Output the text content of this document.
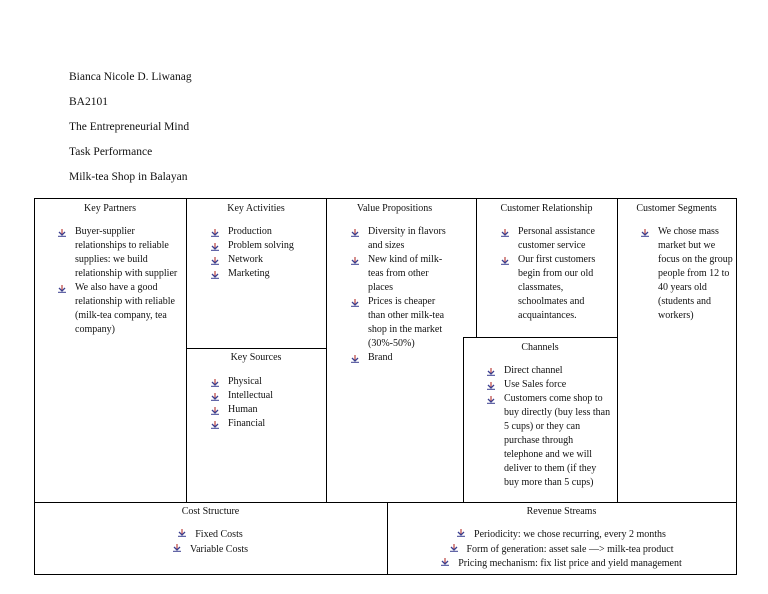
Bianca Nicole D. Liwanag
BA2101
The Entrepreneurial Mind
Task Performance
Milk-tea Shop in Balayan
Key Partners
Buyer-supplier relationships to reliable supplies: we build relationship with supplier
We also have a good relationship with reliable (milk-tea company, tea company)
Key Activities
Production
Problem solving
Network
Marketing
Key Sources
Physical
Intellectual
Human
Financial
Value Propositions
Diversity in flavors and sizes
New kind of milk-teas from other places
Prices is cheaper than other milk-tea shop in the market (30%-50%)
Brand
Customer Relationship
Personal assistance customer service
Our first customers begin from our old classmates, schoolmates and acquaintances.
Channels
Direct channel
Use Sales force
Customers come shop to buy directly (buy less than 5 cups) or they can purchase through telephone and we will deliver to them (if they buy more than 5 cups)
Customer Segments
We chose mass market but we focus on the group people from 12 to 40 years old (students and workers)
Cost Structure
Fixed Costs
Variable Costs
Revenue Streams
Periodicity: we chose recurring, every 2 months
Form of generation: asset sale —> milk-tea product
Pricing mechanism: fix list price and yield management
